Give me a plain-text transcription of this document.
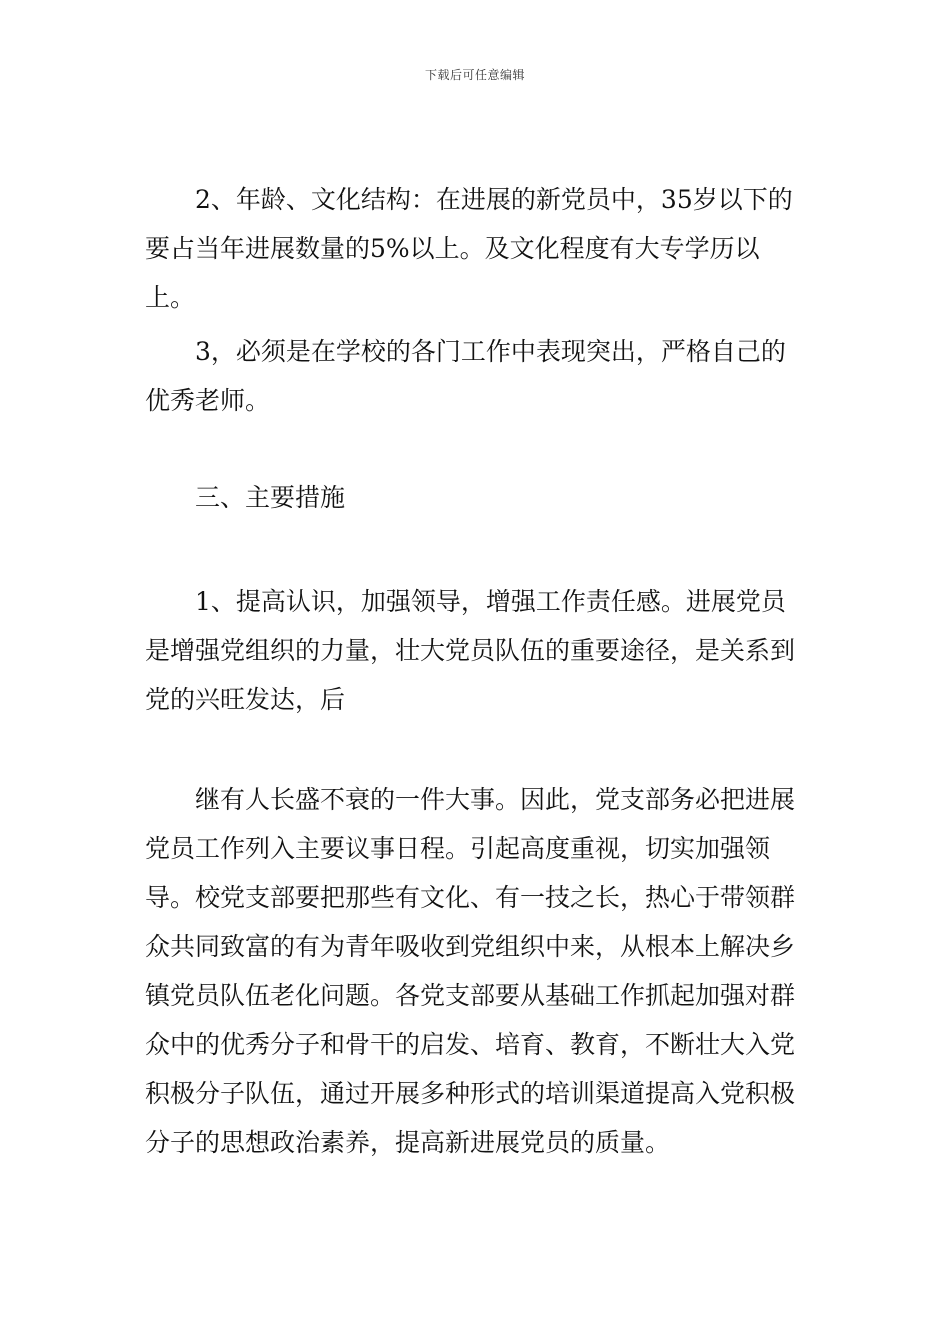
下载后可任意编辑

2、年龄、文化结构：在进展的新党员中，35岁以下的要占当年进展数量的5%以上。及文化程度有大专学历以上。

3，必须是在学校的各门工作中表现突出，严格自己的优秀老师。

三、主要措施

1、提高认识，加强领导，增强工作责任感。进展党员是增强党组织的力量，壮大党员队伍的重要途径，是关系到党的兴旺发达，后

继有人长盛不衰的一件大事。因此，党支部务必把进展党员工作列入主要议事日程。引起高度重视，切实加强领导。校党支部要把那些有文化、有一技之长，热心于带领群众共同致富的有为青年吸收到党组织中来，从根本上解决乡镇党员队伍老化问题。各党支部要从基础工作抓起加强对群众中的优秀分子和骨干的启发、培育、教育，不断壮大入党积极分子队伍，通过开展多种形式的培训渠道提高入党积极分子的思想政治素养，提高新进展党员的质量。
